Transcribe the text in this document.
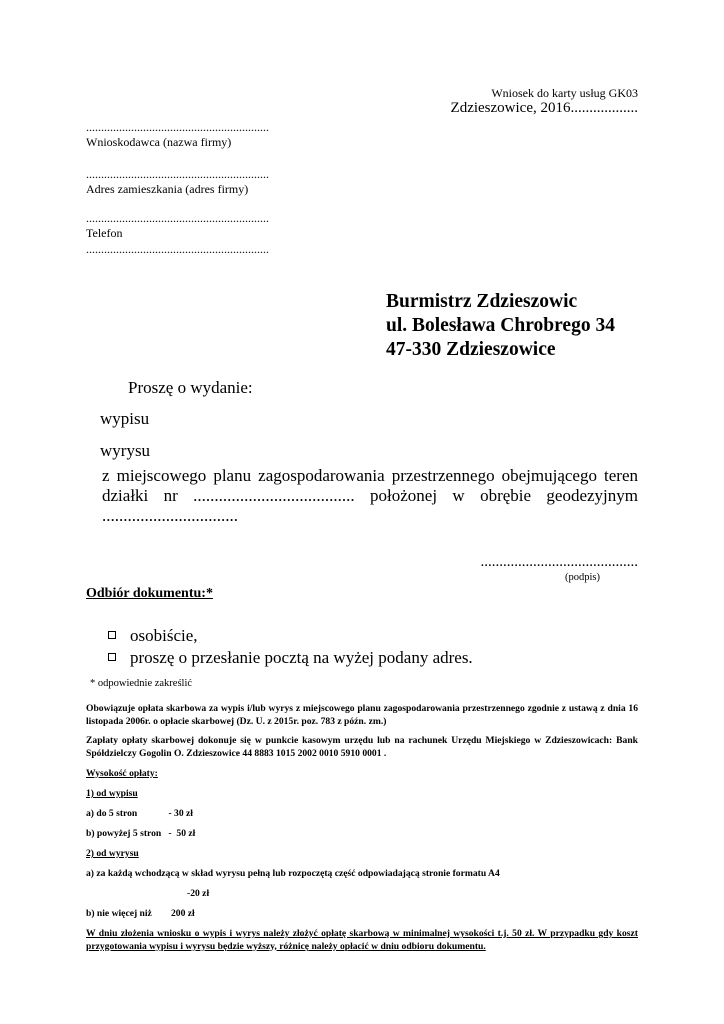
Wniosek do karty usług GK03
Zdzieszowice, 2016..................
.............................................................
Wnioskodawca (nazwa firmy)
.............................................................
Adres zamieszkania (adres firmy)
.............................................................
Telefon
.............................................................
Burmistrz Zdzieszowic
ul. Bolesława Chrobrego 34
47-330 Zdzieszowice
Proszę o wydanie:
wypisu
wyrysu
z miejscowego planu zagospodarowania przestrzennego obejmującego teren działki nr ...................................... położonej w obrębie geodezyjnym ................................
..........................................
(podpis)
Odbiór dokumentu:*
osobiście,
proszę o przesłanie pocztą na wyżej podany adres.
* odpowiednie zakreślić
Obowiązuje opłata skarbowa za wypis i/lub wyrys z miejscowego planu zagospodarowania przestrzennego zgodnie z ustawą z dnia 16 listopada 2006r. o opłacie skarbowej (Dz. U. z 2015r. poz. 783 z późn. zm.)
Zapłaty opłaty skarbowej dokonuje się w punkcie kasowym urzędu lub na rachunek Urzędu Miejskiego w Zdzieszowicach: Bank Spółdzielczy Gogolin O. Zdzieszowice 44 8883 1015 2002 0010 5910 0001 .
Wysokość opłaty:
1) od wypisu
a) do 5 stron             - 30 zł
b) powyżej 5 stron   -  50 zł
2) od wyrysu
a) za każdą wchodzącą w skład wyrysu pełną lub rozpoczętą część odpowiadającą stronie formatu A4
-20 zł
b) nie więcej niż        200 zł
W dniu złożenia wniosku o wypis i wyrys należy złożyć opłatę skarbową w minimalnej wysokości t.j. 50 zł. W przypadku gdy koszt przygotowania wypisu i wyrysu będzie wyższy, różnicę należy opłacić w dniu odbioru dokumentu.
